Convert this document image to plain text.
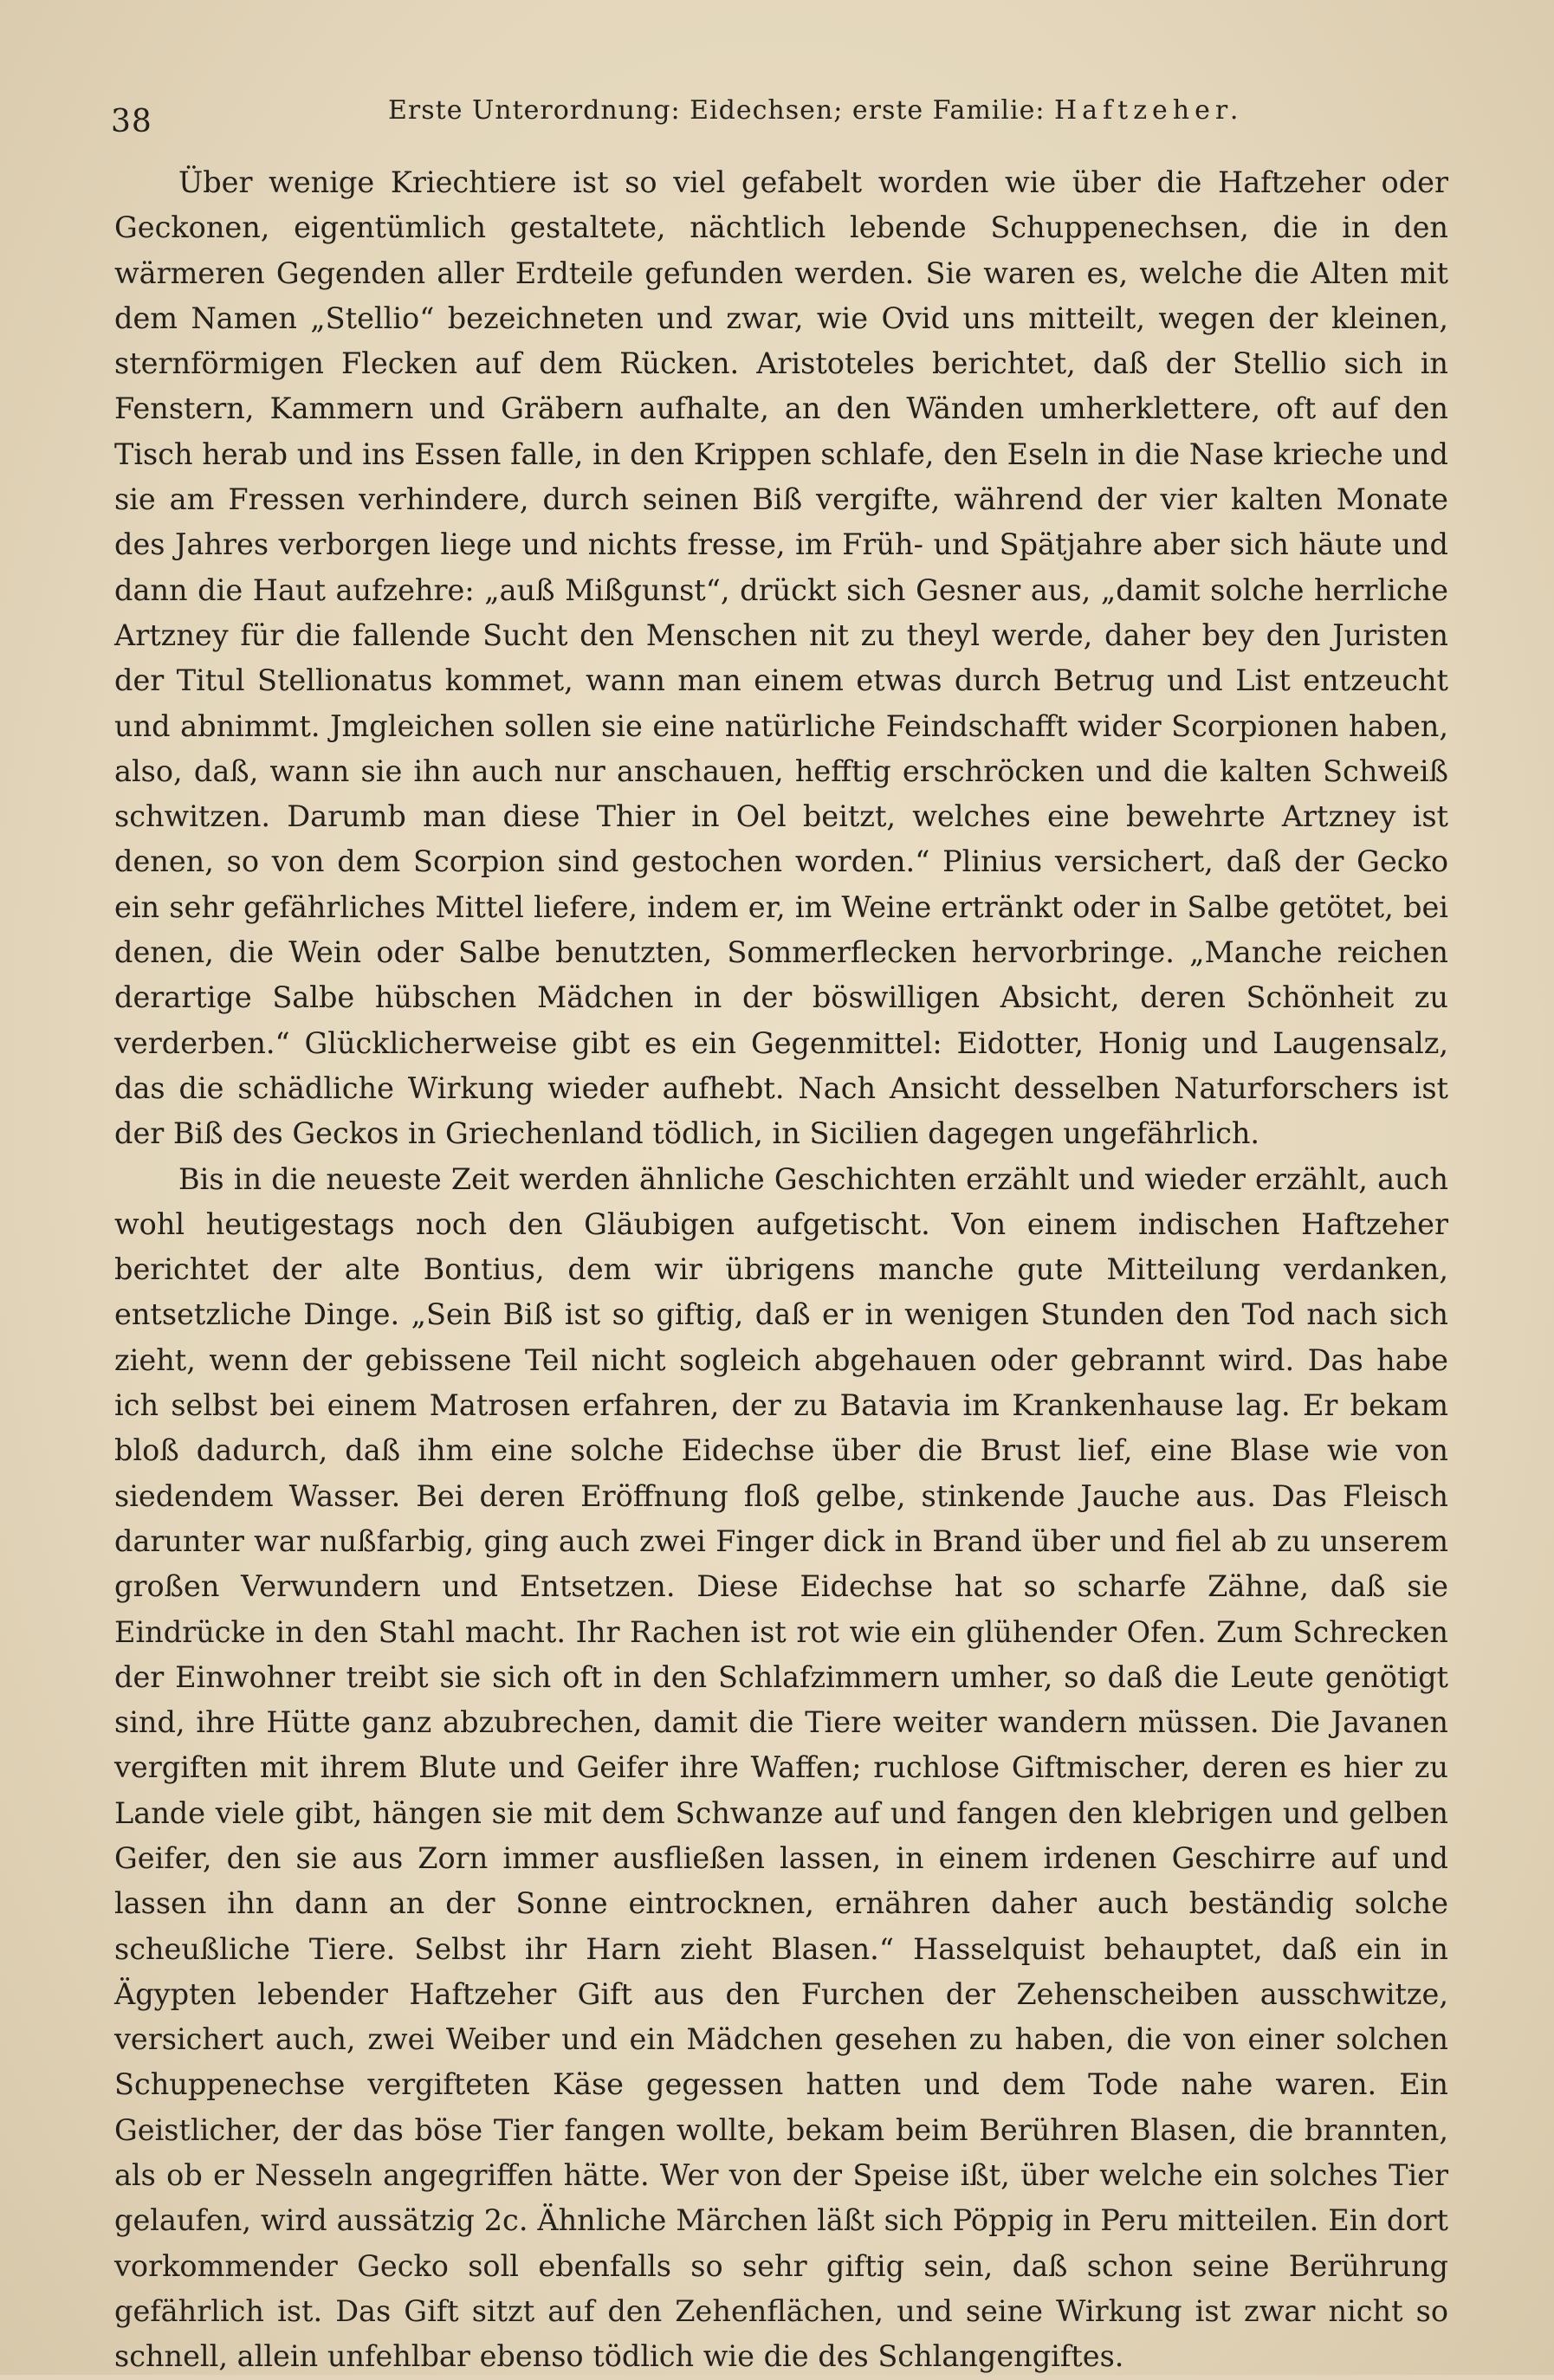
38	Erste Unterordnung: Eidechsen; erste Familie: Haftzeher.

Über wenige Kriechtiere ist so viel gefabelt worden wie über die Haftzeher oder Geckonen, eigentümlich gestaltete, nächtlich lebende Schuppenechsen, die in den wärmeren Gegenden aller Erdteile gefunden werden. Sie waren es, welche die Alten mit dem Namen „Stellio“ bezeichneten und zwar, wie Ovid uns mitteilt, wegen der kleinen, sternförmigen Flecken auf dem Rücken. Aristoteles berichtet, daß der Stellio sich in Fenstern, Kammern und Gräbern aufhalte, an den Wänden umherklettere, oft auf den Tisch herab und ins Essen falle, in den Krippen schlafe, den Eseln in die Nase krieche und sie am Fressen verhindere, durch seinen Biß vergifte, während der vier kalten Monate des Jahres verborgen liege und nichts fresse, im Früh- und Spätjahre aber sich häute und dann die Haut aufzehre: „auß Mißgunst“, drückt sich Gesner aus, „damit solche herrliche Artzney für die fallende Sucht den Menschen nit zu theyl werde, daher bey den Juristen der Titul Stellionatus kommet, wann man einem etwas durch Betrug und List entzeucht und abnimmt. Jmgleichen sollen sie eine natürliche Feindschafft wider Scorpionen haben, also, daß, wann sie ihn auch nur anschauen, hefftig erschröcken und die kalten Schweiß schwitzen. Darumb man diese Thier in Oel beitzt, welches eine bewehrte Artzney ist denen, so von dem Scorpion sind gestochen worden.“ Plinius versichert, daß der Gecko ein sehr gefährliches Mittel liefere, indem er, im Weine ertränkt oder in Salbe getötet, bei denen, die Wein oder Salbe benutzten, Sommerflecken hervorbringe. „Manche reichen derartige Salbe hübschen Mädchen in der böswilligen Absicht, deren Schönheit zu verderben.“ Glücklicherweise gibt es ein Gegenmittel: Eidotter, Honig und Laugensalz, das die schädliche Wirkung wieder aufhebt. Nach Ansicht desselben Naturforschers ist der Biß des Geckos in Griechenland tödlich, in Sicilien dagegen ungefährlich.

Bis in die neueste Zeit werden ähnliche Geschichten erzählt und wieder erzählt, auch wohl heutigestags noch den Gläubigen aufgetischt. Von einem indischen Haftzeher berichtet der alte Bontius, dem wir übrigens manche gute Mitteilung verdanken, entsetzliche Dinge. „Sein Biß ist so giftig, daß er in wenigen Stunden den Tod nach sich zieht, wenn der gebissene Teil nicht sogleich abgehauen oder gebrannt wird. Das habe ich selbst bei einem Matrosen erfahren, der zu Batavia im Krankenhause lag. Er bekam bloß dadurch, daß ihm eine solche Eidechse über die Brust lief, eine Blase wie von siedendem Wasser. Bei deren Eröffnung floß gelbe, stinkende Jauche aus. Das Fleisch darunter war nußfarbig, ging auch zwei Finger dick in Brand über und fiel ab zu unserem großen Verwundern und Entsetzen. Diese Eidechse hat so scharfe Zähne, daß sie Eindrücke in den Stahl macht. Ihr Rachen ist rot wie ein glühender Ofen. Zum Schrecken der Einwohner treibt sie sich oft in den Schlafzimmern umher, so daß die Leute genötigt sind, ihre Hütte ganz abzubrechen, damit die Tiere weiter wandern müssen. Die Javanen vergiften mit ihrem Blute und Geifer ihre Waffen; ruchlose Giftmischer, deren es hier zu Lande viele gibt, hängen sie mit dem Schwanze auf und fangen den klebrigen und gelben Geifer, den sie aus Zorn immer ausfließen lassen, in einem irdenen Geschirre auf und lassen ihn dann an der Sonne eintrocknen, ernähren daher auch beständig solche scheußliche Tiere. Selbst ihr Harn zieht Blasen.“ Hasselquist behauptet, daß ein in Ägypten lebender Haftzeher Gift aus den Furchen der Zehenscheiben ausschwitze, versichert auch, zwei Weiber und ein Mädchen gesehen zu haben, die von einer solchen Schuppenechse vergifteten Käse gegessen hatten und dem Tode nahe waren. Ein Geistlicher, der das böse Tier fangen wollte, bekam beim Berühren Blasen, die brannten, als ob er Nesseln angegriffen hätte. Wer von der Speise ißt, über welche ein solches Tier gelaufen, wird aussätzig 2c. Ähnliche Märchen läßt sich Pöppig in Peru mitteilen. Ein dort vorkommender Gecko soll ebenfalls so sehr giftig sein, daß schon seine Berührung gefährlich ist. Das Gift sitzt auf den Zehenflächen, und seine Wirkung ist zwar nicht so schnell, allein unfehlbar ebenso tödlich wie die des Schlangengiftes.
